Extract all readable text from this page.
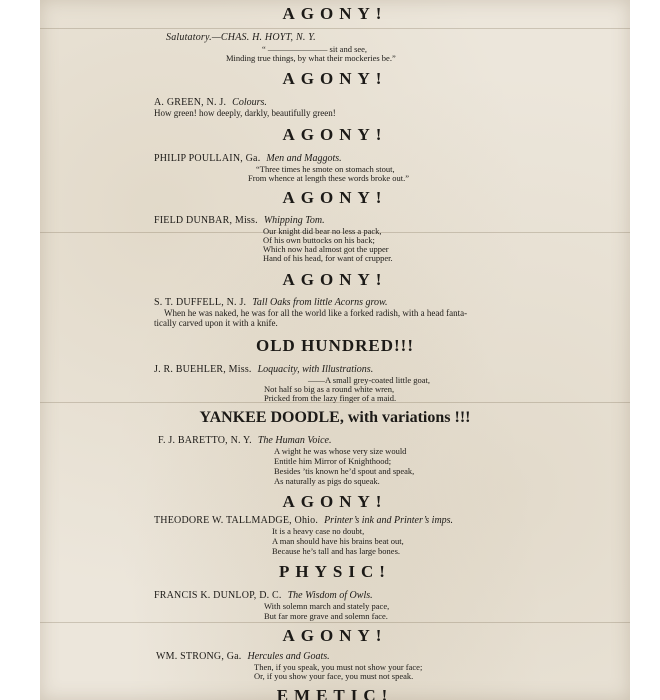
AGONY!
Salutatory.—CHAS. H. HOYT, N. Y.
“ ——————— sit and see,
Minding true things, by what their mockeries be.”
AGONY!
A. GREEN, N. J. Colours.
How green! how deeply, darkly, beautifully green!
AGONY!
PHILIP POULLAIN, Ga. Men and Maggots.
“Three times he smote on stomach stout,
From whence at length these words broke out.”
AGONY!
FIELD DUNBAR, Miss. Whipping Tom.
Our knight did bear no less a pack,
Of his own buttocks on his back;
Which now had almost got the upper
Hand of his head, for want of crupper.
AGONY!
S. T. DUFFELL, N. J. Tall Oaks from little Acorns grow.
When he was naked, he was for all the world like a forked radish, with a head fanta-
tically carved upon it with a knife.
OLD HUNDRED!!!
J. R. BUEHLER, Miss. Loquacity, with Illustrations.
——A small grey-coated little goat,
Not half so big as a round white wren,
Pricked from the lazy finger of a maid.
YANKEE DOODLE, with variations !!!
F. J. BARETTO, N. Y. The Human Voice.
A wight he was whose very size would
Entitle him Mirror of Knighthood;
Besides ’tis known he’d spout and speak,
As naturally as pigs do squeak.
AGONY!
THEODORE W. TALLMADGE, Ohio. Printer’s ink and Printer’s imps.
It is a heavy case no doubt,
A man should have his brains beat out,
Because he’s tall and has large bones.
PHYSIC!
FRANCIS K. DUNLOP, D. C. The Wisdom of Owls.
With solemn march and stately pace,
But far more grave and solemn face.
AGONY!
WM. STRONG, Ga. Hercules and Goats.
Then, if you speak, you must not show your face;
Or, if you show your face, you must not speak.
EMETIC!
